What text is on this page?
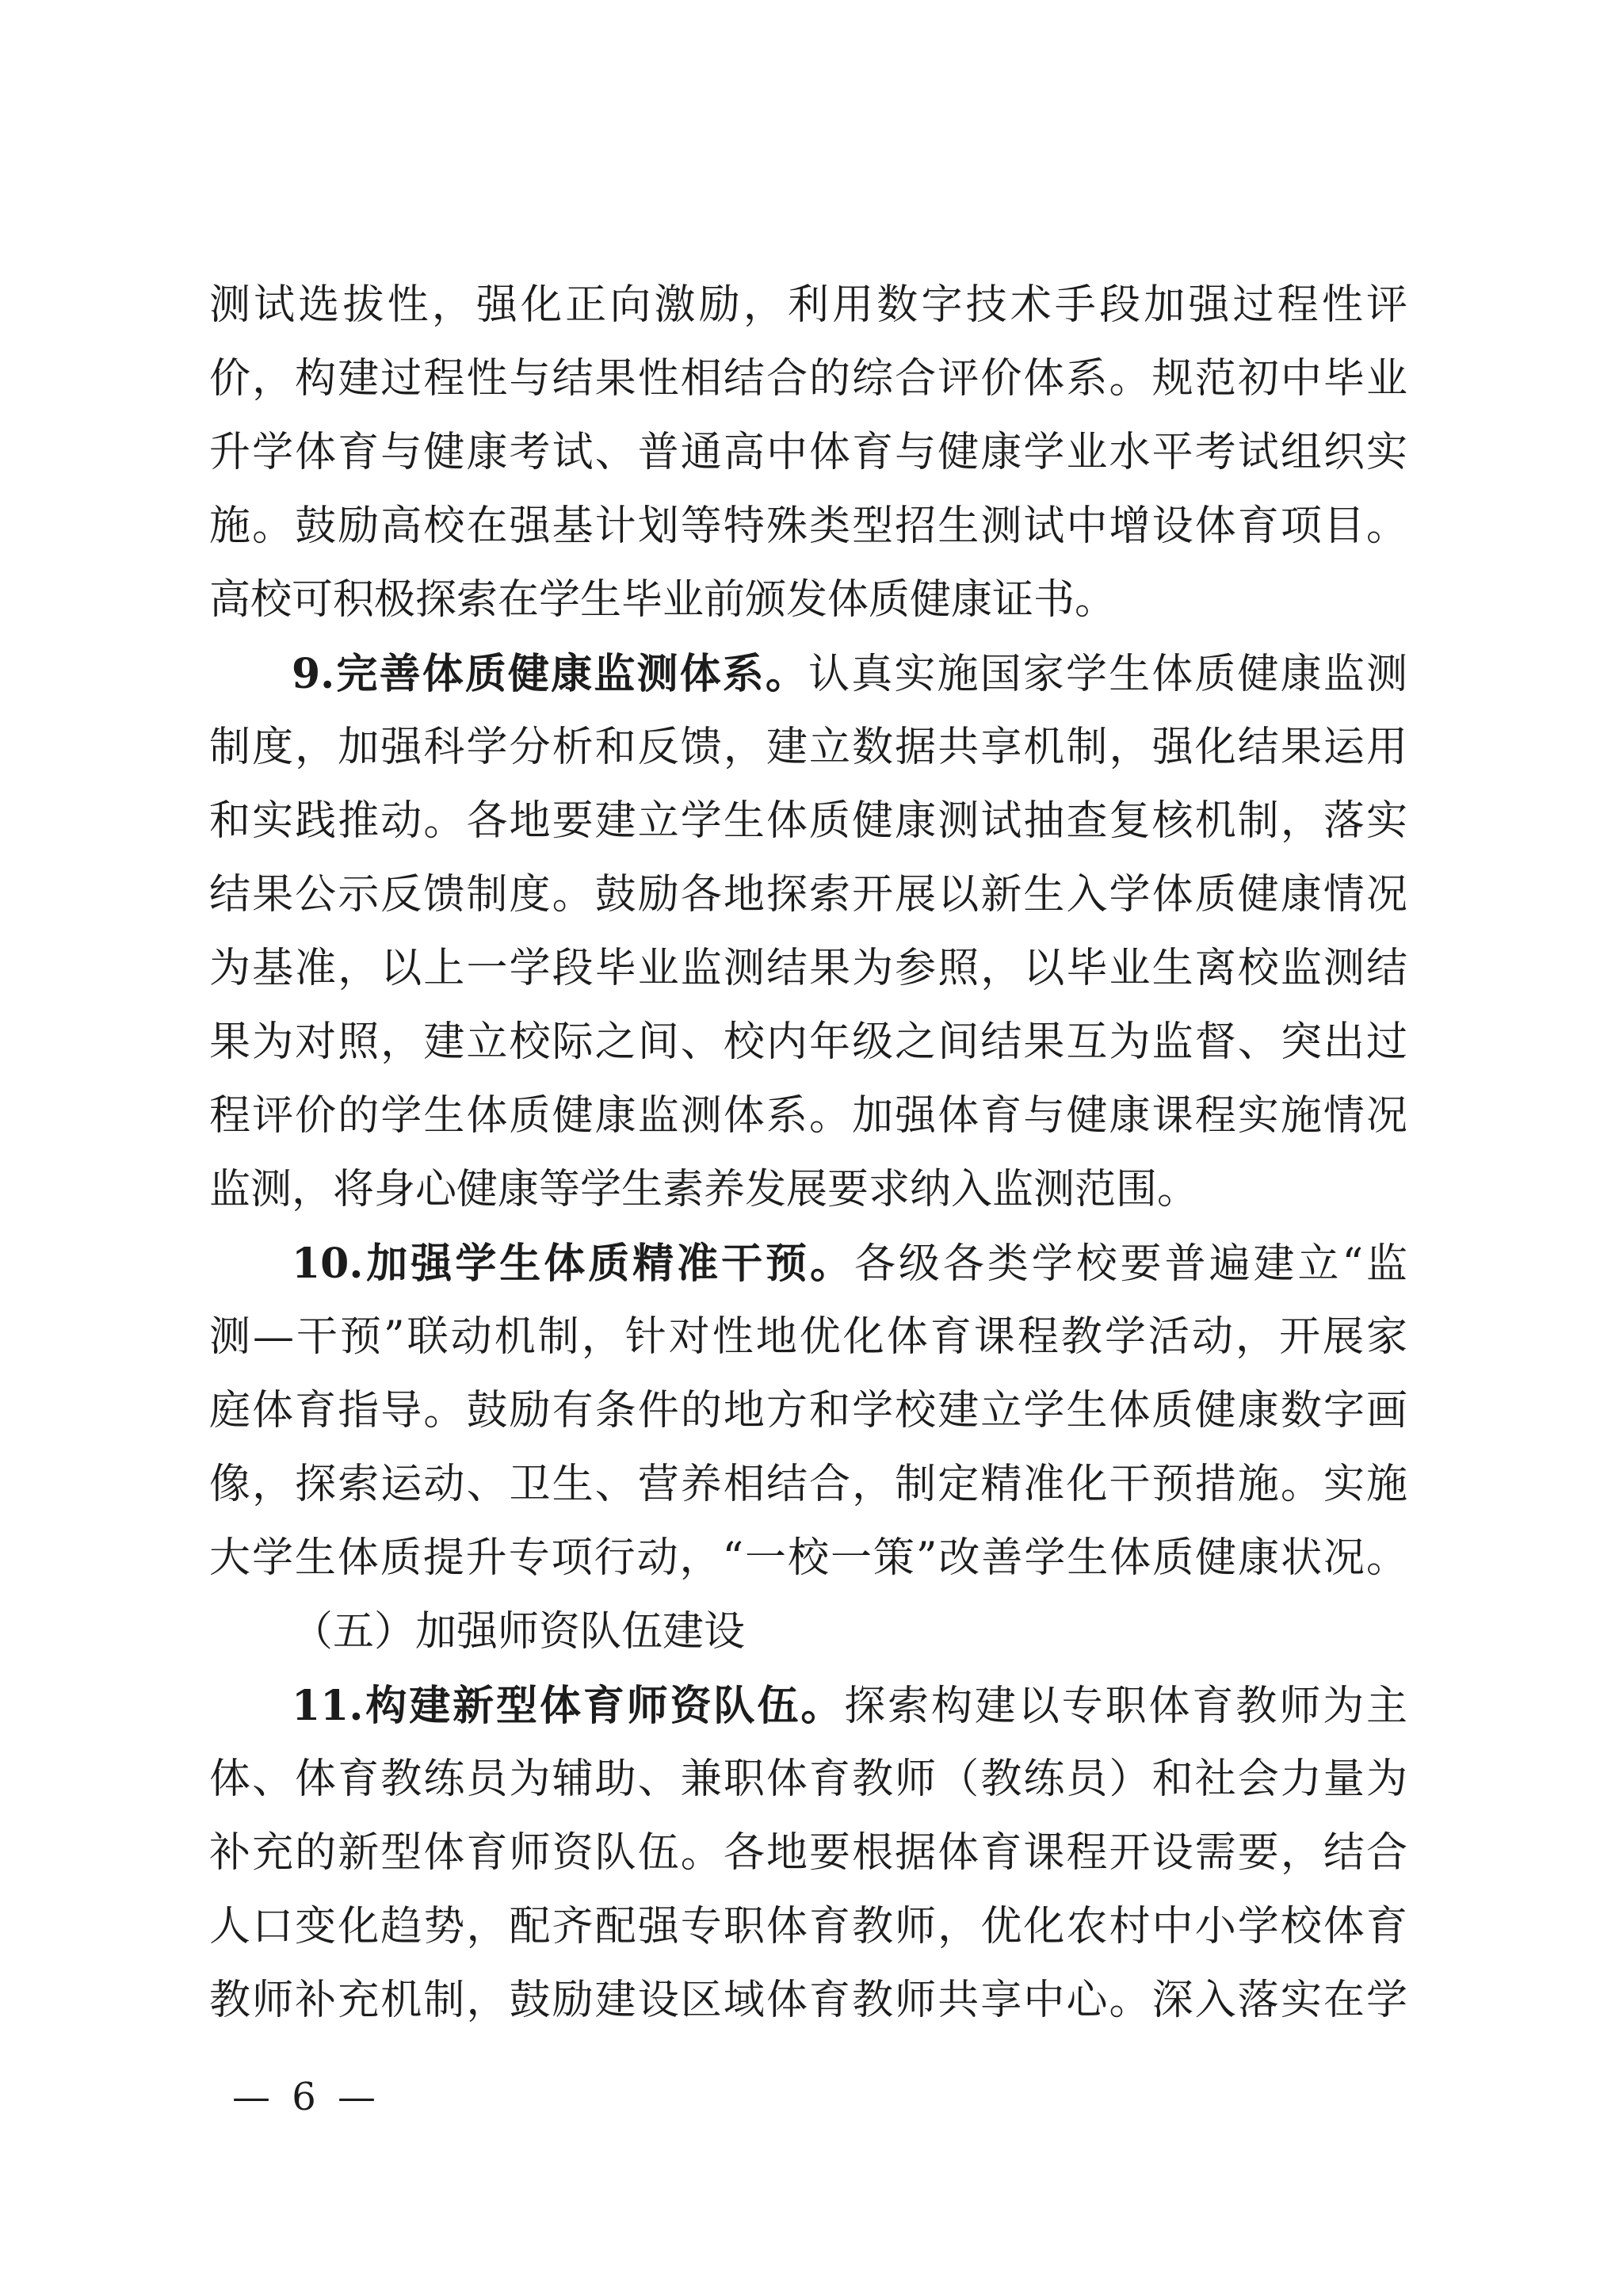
测试选拔性，强化正向激励，利用数字技术手段加强过程性评
价，构建过程性与结果性相结合的综合评价体系。规范初中毕业
升学体育与健康考试、普通高中体育与健康学业水平考试组织实
施。鼓励高校在强基计划等特殊类型招生测试中增设体育项目。
高校可积极探索在学生毕业前颁发体质健康证书。
9.完善体质健康监测体系。认真实施国家学生体质健康监测
制度，加强科学分析和反馈，建立数据共享机制，强化结果运用
和实践推动。各地要建立学生体质健康测试抽查复核机制，落实
结果公示反馈制度。鼓励各地探索开展以新生入学体质健康情况
为基准，以上一学段毕业监测结果为参照，以毕业生离校监测结
果为对照，建立校际之间、校内年级之间结果互为监督、突出过
程评价的学生体质健康监测体系。加强体育与健康课程实施情况
监测，将身心健康等学生素养发展要求纳入监测范围。
10.加强学生体质精准干预。各级各类学校要普遍建立“监
测—干预”联动机制，针对性地优化体育课程教学活动，开展家
庭体育指导。鼓励有条件的地方和学校建立学生体质健康数字画
像，探索运动、卫生、营养相结合，制定精准化干预措施。实施
大学生体质提升专项行动，“一校一策”改善学生体质健康状况。
（五）加强师资队伍建设
11.构建新型体育师资队伍。探索构建以专职体育教师为主
体、体育教练员为辅助、兼职体育教师（教练员）和社会力量为
补充的新型体育师资队伍。各地要根据体育课程开设需要，结合
人口变化趋势，配齐配强专职体育教师，优化农村中小学校体育
教师补充机制，鼓励建设区域体育教师共享中心。深入落实在学
— 6 —
